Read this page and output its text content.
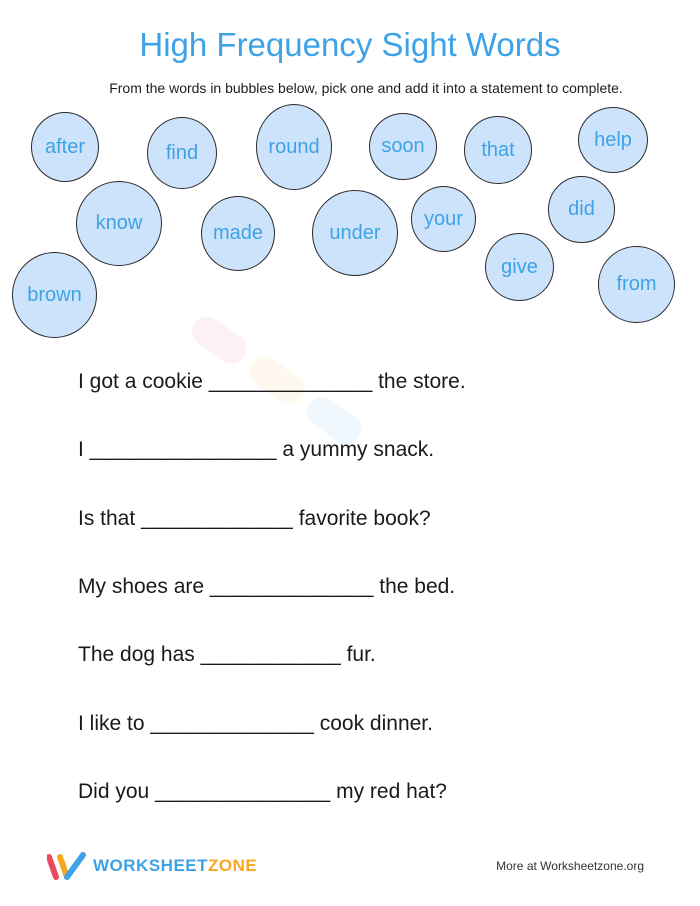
High Frequency Sight Words
From the words in bubbles below, pick one and add it into a statement to complete.
after	find	round	soon	that	help
know	made	under
your	did
brown
give
from
I got a cookie ______________ the store.
I ________________ a yummy snack.
Is that _____________ favorite book?
My shoes are ______________ the bed.
The dog has ____________ fur.
I like to ______________ cook dinner.
Did you _______________ my red hat?
WORKSHEETZONE	More at Worksheetzone.org
